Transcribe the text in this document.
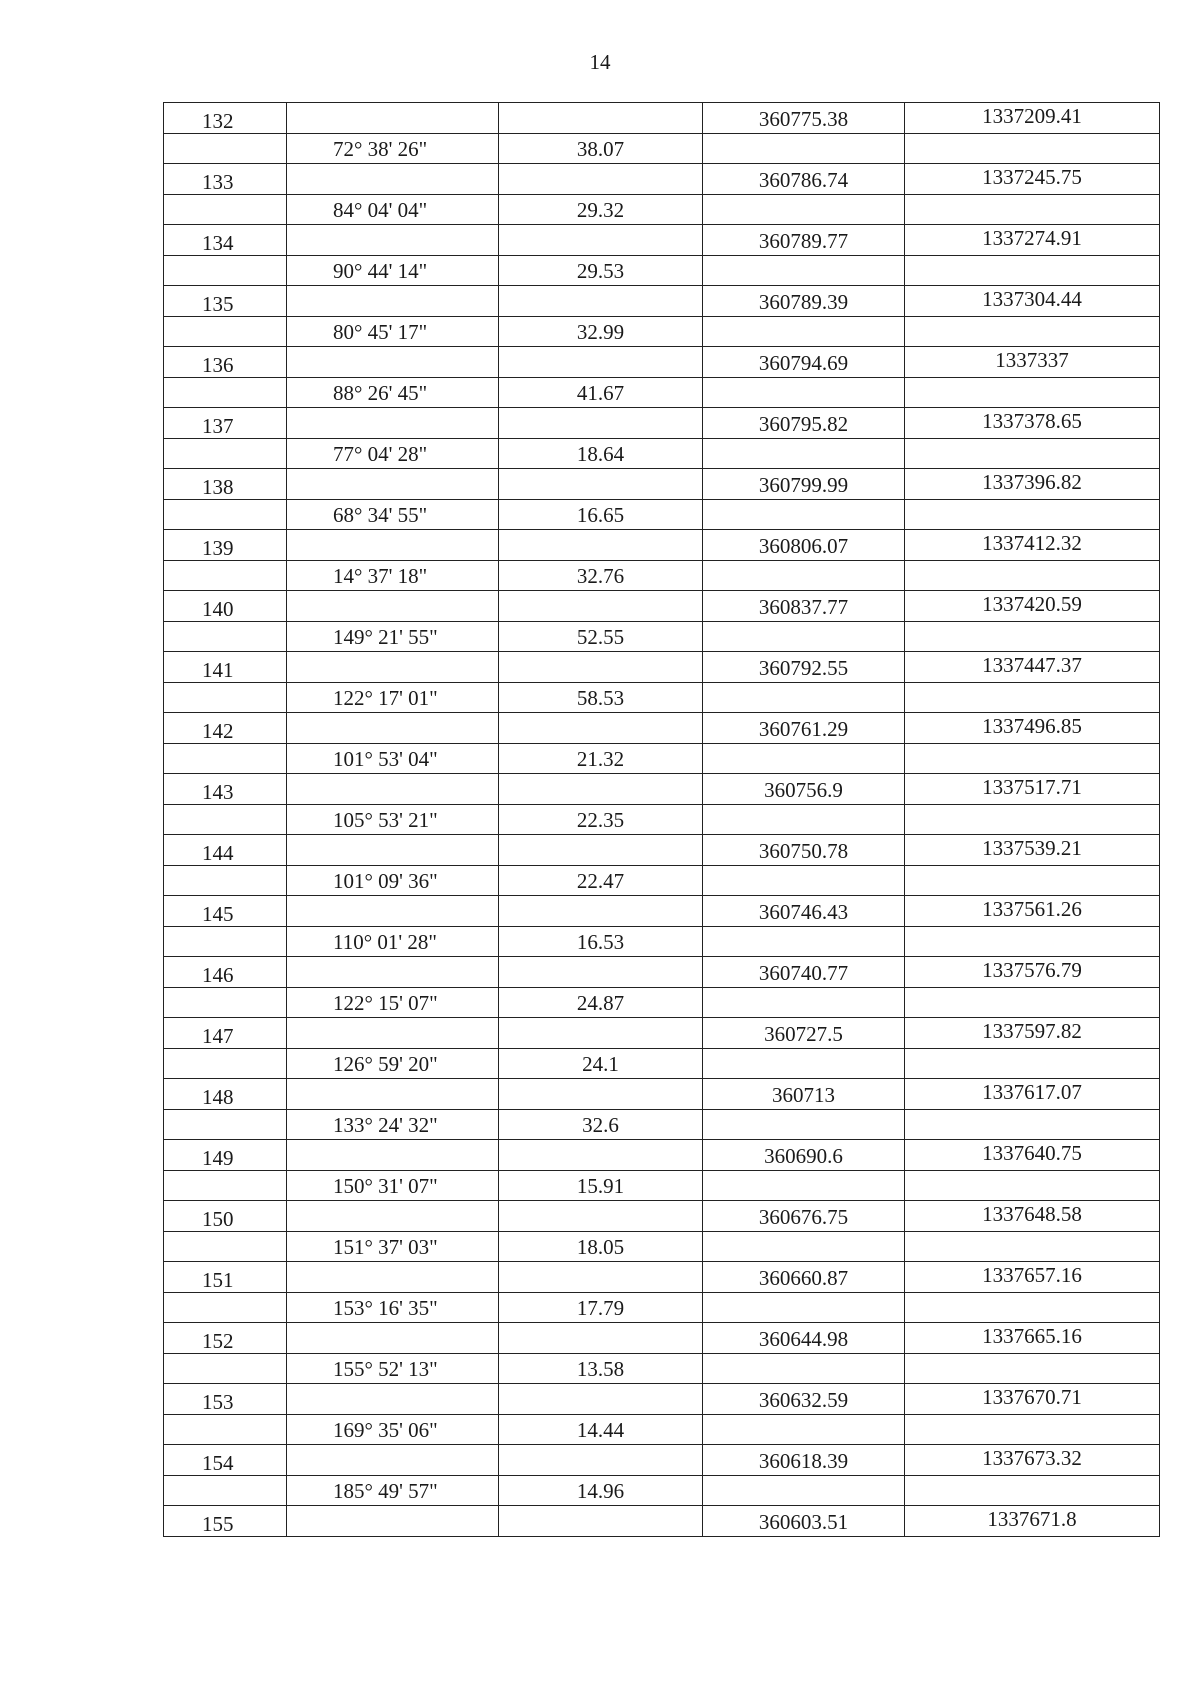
14
132			360775.38	1337209.41
	72° 38' 26"	38.07		
133			360786.74	1337245.75
	84° 04' 04"	29.32		
134			360789.77	1337274.91
	90° 44' 14"	29.53		
135			360789.39	1337304.44
	80° 45' 17"	32.99		
136			360794.69	1337337
	88° 26' 45"	41.67		
137			360795.82	1337378.65
	77° 04' 28"	18.64		
138			360799.99	1337396.82
	68° 34' 55"	16.65		
139			360806.07	1337412.32
	14° 37' 18"	32.76		
140			360837.77	1337420.59
	149° 21' 55"	52.55		
141			360792.55	1337447.37
	122° 17' 01"	58.53		
142			360761.29	1337496.85
	101° 53' 04"	21.32		
143			360756.9	1337517.71
	105° 53' 21"	22.35		
144			360750.78	1337539.21
	101° 09' 36"	22.47		
145			360746.43	1337561.26
	110° 01' 28"	16.53		
146			360740.77	1337576.79
	122° 15' 07"	24.87		
147			360727.5	1337597.82
	126° 59' 20"	24.1		
148			360713	1337617.07
	133° 24' 32"	32.6		
149			360690.6	1337640.75
	150° 31' 07"	15.91		
150			360676.75	1337648.58
	151° 37' 03"	18.05		
151			360660.87	1337657.16
	153° 16' 35"	17.79		
152			360644.98	1337665.16
	155° 52' 13"	13.58		
153			360632.59	1337670.71
	169° 35' 06"	14.44		
154			360618.39	1337673.32
	185° 49' 57"	14.96		
155			360603.51	1337671.8
